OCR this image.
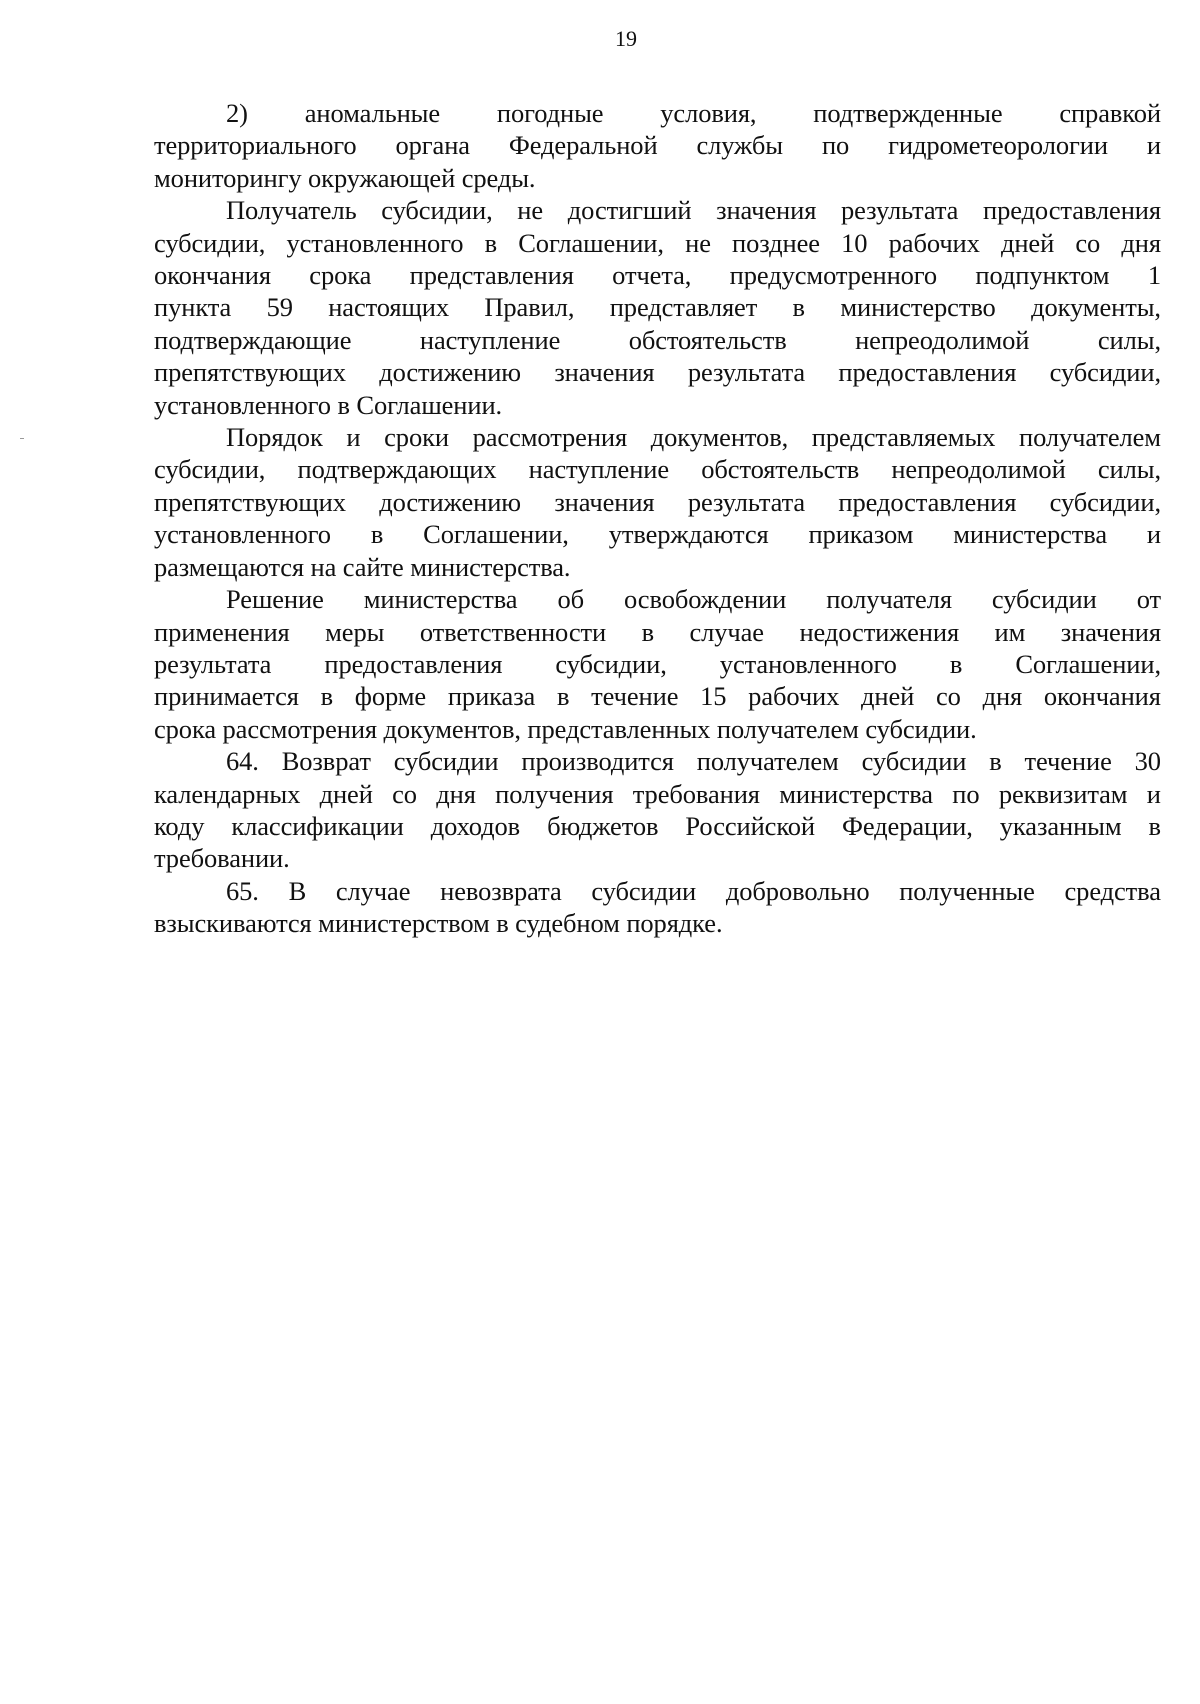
19
2) аномальные погодные условия, подтвержденные справкой
территориального органа Федеральной службы по гидрометеорологии и
мониторингу окружающей среды.
Получатель субсидии, не достигший значения результата предоставления
субсидии, установленного в Соглашении, не позднее 10 рабочих дней со дня
окончания срока представления отчета, предусмотренного подпунктом 1
пункта 59 настоящих Правил, представляет в министерство документы,
подтверждающие	наступление	обстоятельств	непреодолимой	силы,
препятствующих достижению значения результата предоставления субсидии,
установленного в Соглашении.
Порядок и сроки рассмотрения документов, представляемых получателем
субсидии, подтверждающих наступление обстоятельств непреодолимой силы,
препятствующих достижению значения результата предоставления субсидии,
установленного в Соглашении, утверждаются приказом министерства и
размещаются на сайте министерства.
Решение министерства об освобождении получателя субсидии от
применения меры ответственности в случае недостижения им значения
результата предоставления субсидии, установленного в Соглашении,
принимается в форме приказа в течение 15 рабочих дней со дня окончания
срока рассмотрения документов, представленных получателем субсидии.
64. Возврат субсидии производится получателем субсидии в течение 30
календарных дней со дня получения требования министерства по реквизитам и
коду классификации доходов бюджетов Российской Федерации, указанным в
требовании.
65. В случае невозврата субсидии добровольно полученные средства
взыскиваются министерством в судебном порядке.
